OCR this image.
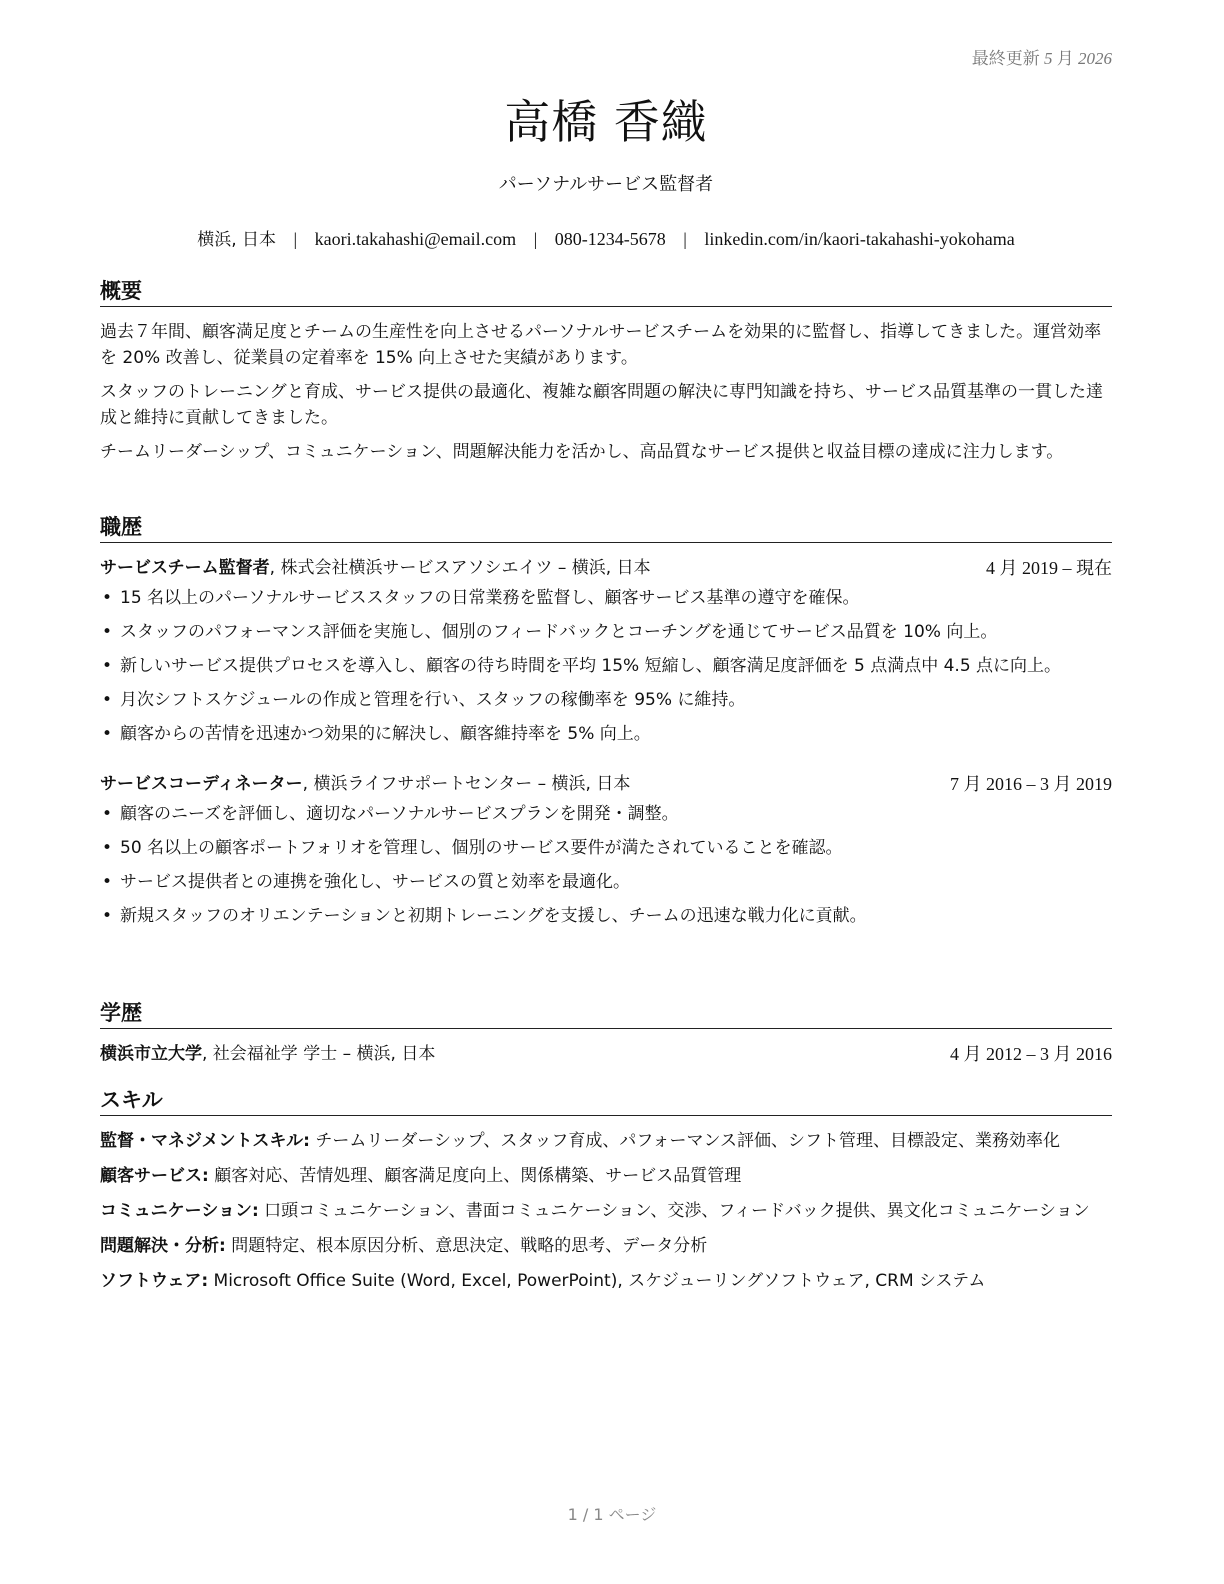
最終更新 5 月 2026
高橋 香織
パーソナルサービス監督者
横浜, 日本 | kaori.takahashi@email.com | 080-1234-5678 | linkedin.com/in/kaori-takahashi-yokohama
概要

過去７年間、顧客満足度とチームの生産性を向上させるパーソナルサービスチームを効果的に監督し、指導してきました。運営効率を 20% 改善し、従業員の定着率を 15% 向上させた実績があります。

スタッフのトレーニングと育成、サービス提供の最適化、複雑な顧客問題の解決に専門知識を持ち、サービス品質基準の一貫した達成と維持に貢献してきました。

チームリーダーシップ、コミュニケーション、問題解決能力を活かし、高品質なサービス提供と収益目標の達成に注力します。

職歴
サービスチーム監督者, 株式会社横浜サービスアソシエイツ – 横浜, 日本	4 月 2019 – 現在
• 15 名以上のパーソナルサービススタッフの日常業務を監督し、顧客サービス基準の遵守を確保。
• スタッフのパフォーマンス評価を実施し、個別のフィードバックとコーチングを通じてサービス品質を 10% 向上。
• 新しいサービス提供プロセスを導入し、顧客の待ち時間を平均 15% 短縮し、顧客満足度評価を 5 点満点中 4.5 点に向上。
• 月次シフトスケジュールの作成と管理を行い、スタッフの稼働率を 95% に維持。
• 顧客からの苦情を迅速かつ効果的に解決し、顧客維持率を 5% 向上。
サービスコーディネーター, 横浜ライフサポートセンター – 横浜, 日本	7 月 2016 – 3 月 2019
• 顧客のニーズを評価し、適切なパーソナルサービスプランを開発・調整。
• 50 名以上の顧客ポートフォリオを管理し、個別のサービス要件が満たされていることを確認。
• サービス提供者との連携を強化し、サービスの質と効率を最適化。
• 新規スタッフのオリエンテーションと初期トレーニングを支援し、チームの迅速な戦力化に貢献。
学歴
横浜市立大学, 社会福祉学 学士 – 横浜, 日本	4 月 2012 – 3 月 2016
スキル

監督・マネジメントスキル: チームリーダーシップ、スタッフ育成、パフォーマンス評価、シフト管理、目標設定、業務効率化

顧客サービス: 顧客対応、苦情処理、顧客満足度向上、関係構築、サービス品質管理

コミュニケーション: 口頭コミュニケーション、書面コミュニケーション、交渉、フィードバック提供、異文化コミュニケーション

問題解決・分析: 問題特定、根本原因分析、意思決定、戦略的思考、データ分析

ソフトウェア: Microsoft Office Suite (Word, Excel, PowerPoint), スケジューリングソフトウェア, CRM システム

1 / 1 ページ
